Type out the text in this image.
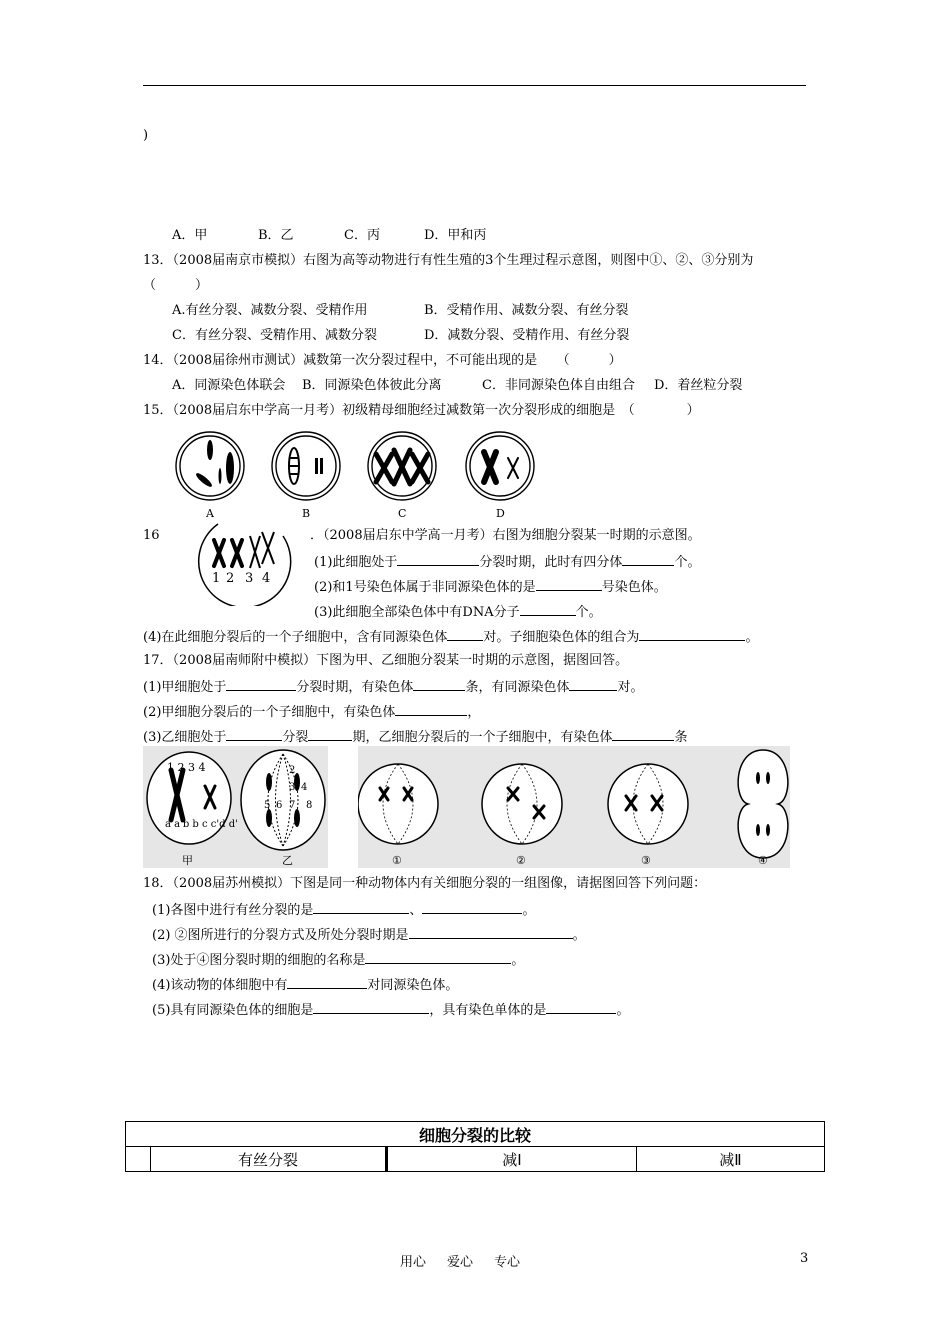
)
A．甲	B．乙	C．丙	D．甲和丙
13．（2008届南京市模拟）右图为高等动物进行有性生殖的3个生理过程示意图，则图中①、②、③分别为
（　　　）
A.有丝分裂、减数分裂、受精作用	B．受精作用、减数分裂、有丝分裂
C．有丝分裂、受精作用、减数分裂	D．减数分裂、受精作用、有丝分裂
14．（2008届徐州市测试）减数第一次分裂过程中，不可能出现的是　　（　　　）
A．同源染色体联会 B．同源染色体彼此分离	C．非同源染色体自由组合 D．着丝粒分裂
15．（2008届启东中学高一月考）初级精母细胞经过减数第一次分裂形成的细胞是　（　　　　）
A	B	C	D
16
1 2 3 4
．（2008届启东中学高一月考）右图为细胞分裂某一时期的示意图。
(1)此细胞处于	分裂时期，此时有四分体	个。
(2)和1号染色体属于非同源染色体的是	号染色体。
(3)此细胞全部染色体中有DNA分子	个。
(4)在此细胞分裂后的一个子细胞中，含有同源染色体	对。子细胞染色体的组合为	。
17．（2008届南师附中模拟）下图为甲、乙细胞分裂某一时期的示意图，据图回答。
(1)甲细胞处于	分裂时期，有染色体	条，有同源染色体	对。
(2)甲细胞分裂后的一个子细胞中，有染色体	，
(3)乙细胞处于	分裂	期，乙细胞分裂后的一个子细胞中，有染色体	条
1 2 3 4
a a'b b c c'd d'
2
3 4
5 6 7 8
甲	乙	①	②	③	④
18．（2008届苏州模拟）下图是同一种动物体内有关细胞分裂的一组图像，请据图回答下列问题：
(1)各图中进行有丝分裂的是	、	。
(2) ②图所进行的分裂方式及所处分裂时期是	。
(3)处于④图分裂时期的细胞的名称是	。
(4)该动物的体细胞中有	对同源染色体。
(5)具有同源染色体的细胞是	，具有染色单体的是	。
细胞分裂的比较
	有丝分裂	减Ⅰ	减Ⅱ
用心 爱心 专心	3
